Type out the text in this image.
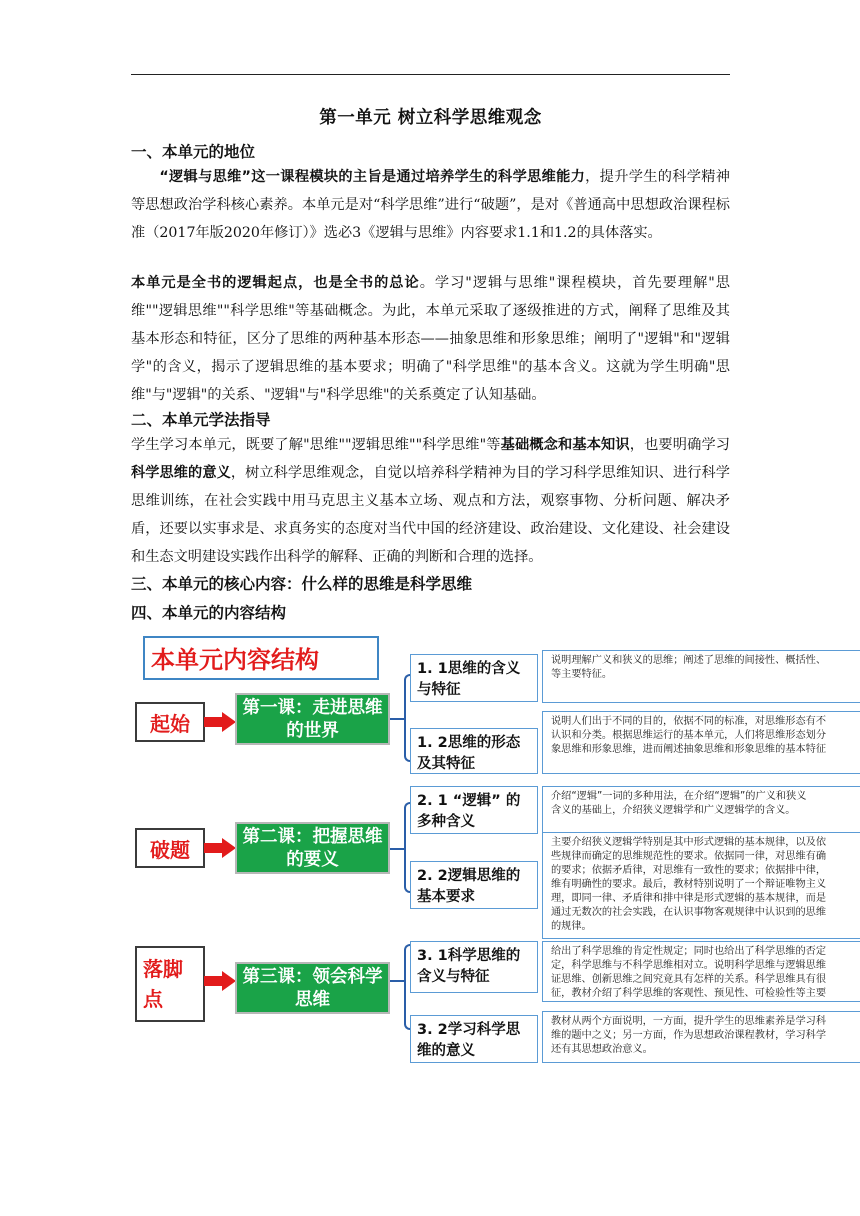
第一单元 树立科学思维观念
一、本单元的地位

“逻辑与思维”这一课程模块的主旨是通过培养学生的科学思维能力，提升学生的科学精神等思想政治学科核心素养。本单元是对“科学思维”进行“破题”，是对《普通高中思想政治课程标准（2017年版2020年修订）》选必3《逻辑与思维》内容要求1.1和1.2的具体落实。

本单元是全书的逻辑起点，也是全书的总论。学习"逻辑与思维"课程模块，首先要理解"思维""逻辑思维""科学思维"等基础概念。为此，本单元采取了逐级推进的方式，阐释了思维及其基本形态和特征，区分了思维的两种基本形态——抽象思维和形象思维；阐明了"逻辑"和"逻辑学"的含义，揭示了逻辑思维的基本要求；明确了"科学思维"的基本含义。这就为学生明确"思维"与"逻辑"的关系、"逻辑"与"科学思维"的关系奠定了认知基础。

二、本单元学法指导

学生学习本单元，既要了解"思维""逻辑思维""科学思维"等基础概念和基本知识，也要明确学习科学思维的意义，树立科学思维观念，自觉以培养科学精神为目的学习科学思维知识、进行科学思维训练，在社会实践中用马克思主义基本立场、观点和方法，观察事物、分析问题、解决矛盾，还要以实事求是、求真务实的态度对当代中国的经济建设、政治建设、文化建设、社会建设和生态文明建设实践作出科学的解释、正确的判断和合理的选择。

三、本单元的核心内容：什么样的思维是科学思维
四、本单元的内容结构
本单元内容结构
起始
第一课：走进思维的世界
1. 1思维的含义与特征
说明理解广义和狭义的思维；阐述了思维的间接性、概括性、
等主要特征。
1. 2思维的形态及其特征
说明人们出于不同的目的，依据不同的标准，对思维形态有不
认识和分类。根据思维运行的基本单元，人们将思维形态划分
象思维和形象思维，进而阐述抽象思维和形象思维的基本特征
破题
第二课：把握思维的要义
2. 1 “逻辑” 的多种含义
介绍“逻辑”一词的多种用法，在介绍“逻辑”的广义和狭义
含义的基础上，介绍狭义逻辑学和广义逻辑学的含义。
2. 2逻辑思维的基本要求
主要介绍狭义逻辑学特别是其中形式逻辑的基本规律，以及依
些规律而确定的思维规范性的要求。依据同一律，对思维有确
的要求；依据矛盾律，对思维有一致性的要求；依据排中律，
维有明确性的要求。最后，教材特别说明了一个辩证唯物主义
理，即同一律、矛盾律和排中律是形式逻辑的基本规律，而是
通过无数次的社会实践，在认识事物客观规律中认识到的思维
的规律。
落脚
点
第三课：领会科学思维
3. 1科学思维的含义与特征
给出了科学思维的肯定性规定；同时也给出了科学思维的否定
定，科学思维与不科学思维相对立。说明科学思维与逻辑思维
证思维、创新思维之间究竟具有怎样的关系。科学思维具有很
征，教材介绍了科学思维的客观性、预见性、可检验性等主要
3. 2学习科学思维的意义
教材从两个方面说明，一方面，提升学生的思维素养是学习科
维的题中之义；另一方面，作为思想政治课程教材，学习科学
还有其思想政治意义。
